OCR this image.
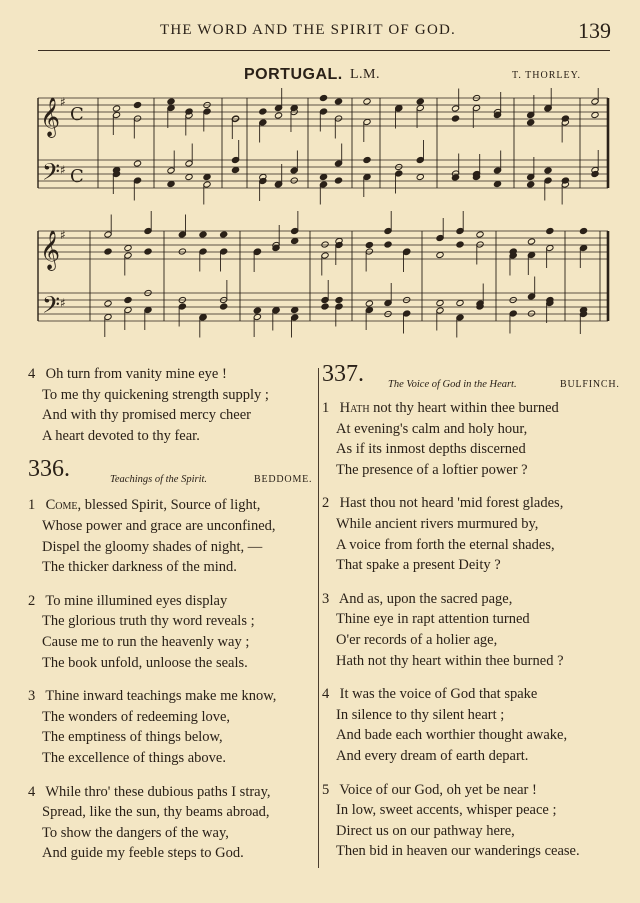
THE WORD AND THE SPIRIT OF GOD.	139
PORTUGAL. L.M.	T. THORLEY.
𝄞 ♯
C
𝄢 ♯ C
𝄞 ♯
𝄢 ♯
4 Oh turn from vanity mine eye !
To me thy quickening strength supply ;
And with thy promised mercy cheer
A heart devoted to thy fear.
336.	Teachings of the Spirit.	BEDDOME.
1 Come, blessed Spirit, Source of light,
Whose power and grace are unconfined,
Dispel the gloomy shades of night, —
The thicker darkness of the mind.
2 To mine illumined eyes display
The glorious truth thy word reveals ;
Cause me to run the heavenly way ;
The book unfold, unloose the seals.
3 Thine inward teachings make me know,
The wonders of redeeming love,
The emptiness of things below,
The excellence of things above.
4 While thro' these dubious paths I stray,
Spread, like the sun, thy beams abroad,
To show the dangers of the way,
And guide my feeble steps to God.
337. The Voice of God in the Heart.	BULFINCH.
1 Hath not thy heart within thee burned
At evening's calm and holy hour,
As if its inmost depths discerned
The presence of a loftier power ?
2 Hast thou not heard 'mid forest glades,
While ancient rivers murmured by,
A voice from forth the eternal shades,
That spake a present Deity ?
3 And as, upon the sacred page,
Thine eye in rapt attention turned
O'er records of a holier age,
Hath not thy heart within thee burned ?
4 It was the voice of God that spake
In silence to thy silent heart ;
And bade each worthier thought awake,
And every dream of earth depart.
5 Voice of our God, oh yet be near !
In low, sweet accents, whisper peace ;
Direct us on our pathway here,
Then bid in heaven our wanderings cease.
